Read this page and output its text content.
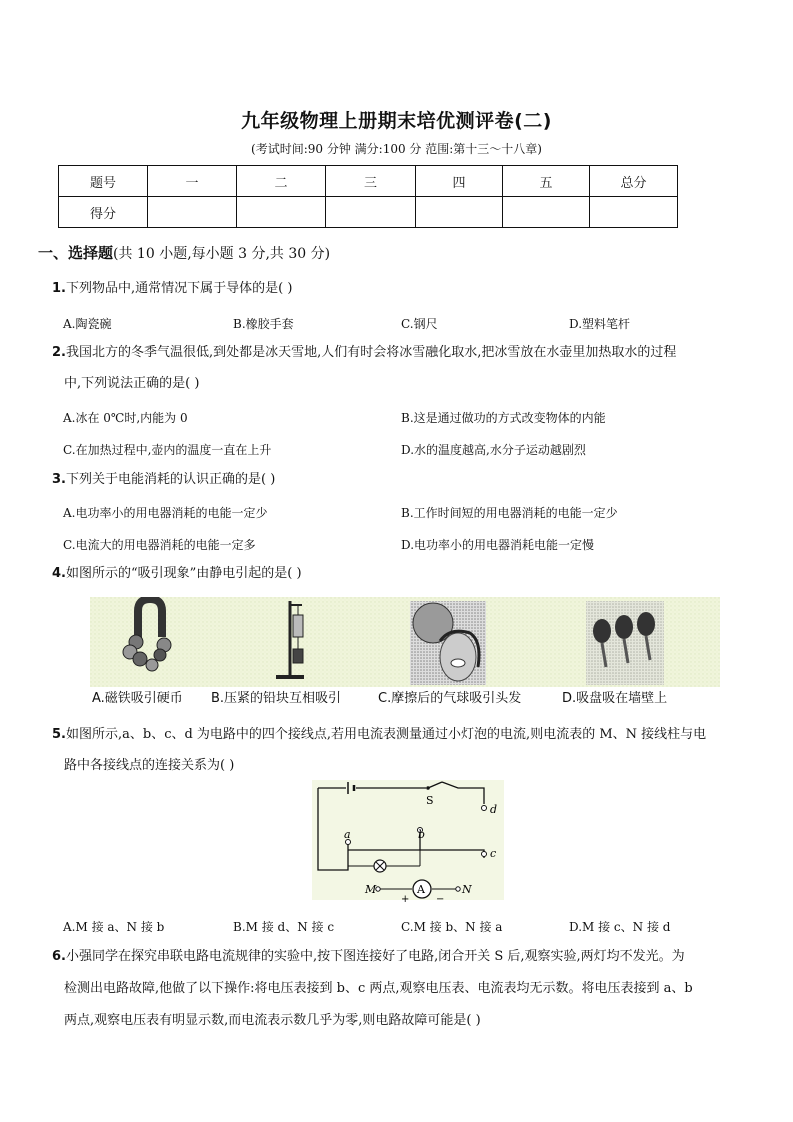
九年级物理上册期末培优测评卷(二)
(考试时间:90 分钟 满分:100 分 范围:第十三～十八章)
题号	一	二	三	四	五	总分
得分						
一、选择题(共 10 小题,每小题 3 分,共 30 分)
1.下列物品中,通常情况下属于导体的是( )
A.陶瓷碗	B.橡胶手套	C.钢尺	D.塑料笔杆
2.我国北方的冬季气温很低,到处都是冰天雪地,人们有时会将冰雪融化取水,把冰雪放在水壶里加热取水的过程
中,下列说法正确的是( )
A.冰在 0℃时,内能为 0	B.这是通过做功的方式改变物体的内能
C.在加热过程中,壶内的温度一直在上升	D.水的温度越高,水分子运动越剧烈
3.下列关于电能消耗的认识正确的是( )
A.电功率小的用电器消耗的电能一定少	B.工作时间短的用电器消耗的电能一定少
C.电流大的用电器消耗的电能一定多	D.电功率小的用电器消耗电能一定慢
4.如图所示的“吸引现象”由静电引起的是( )
A.磁铁吸引硬币 B.压紧的铅块互相吸引	C.摩擦后的气球吸引头发	D.吸盘吸在墙壁上
5.如图所示,a、b、c、d 为电路中的四个接线点,若用电流表测量通过小灯泡的电流,则电流表的 M、N 接线柱与电
路中各接线点的连接关系为( )
S
d
c
a	b
A
M	N
+	−
A.M 接 a、N 接 b	B.M 接 d、N 接 c	C.M 接 b、N 接 a	D.M 接 c、N 接 d
6.小强同学在探究串联电路电流规律的实验中,按下图连接好了电路,闭合开关 S 后,观察实验,两灯均不发光。为
检测出电路故障,他做了以下操作:将电压表接到 b、c 两点,观察电压表、电流表均无示数。将电压表接到 a、b
两点,观察电压表有明显示数,而电流表示数几乎为零,则电路故障可能是( )
